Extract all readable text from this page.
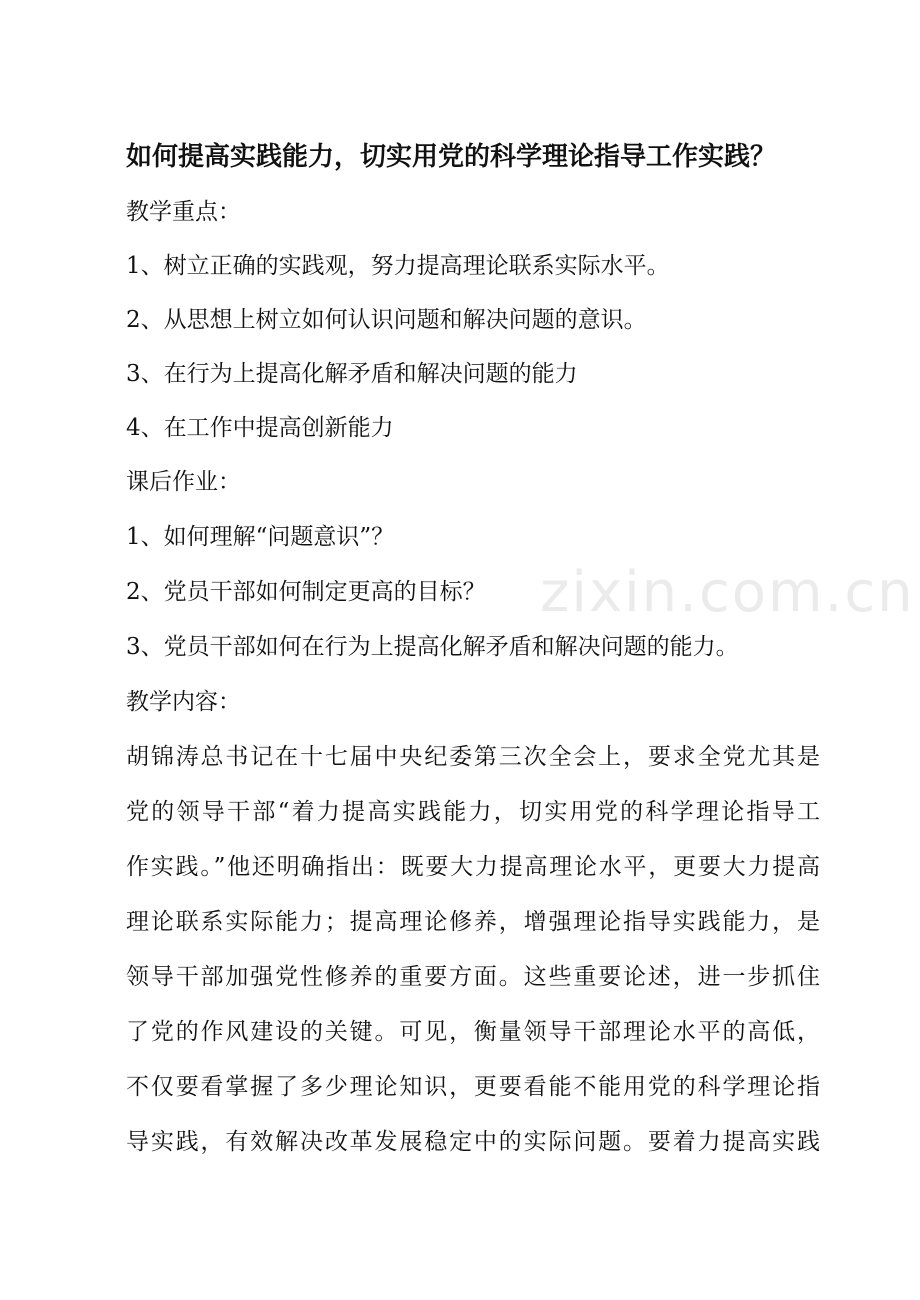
如何提高实践能力，切实用党的科学理论指导工作实践？
教学重点：
1、树立正确的实践观，努力提高理论联系实际水平。
2、从思想上树立如何认识问题和解决问题的意识。
3、在行为上提高化解矛盾和解决问题的能力
4、在工作中提高创新能力
课后作业：
1、如何理解“问题意识”？
2、党员干部如何制定更高的目标？
3、党员干部如何在行为上提高化解矛盾和解决问题的能力。
教学内容：
胡锦涛总书记在十七届中央纪委第三次全会上，要求全党尤其是
党的领导干部“着力提高实践能力，切实用党的科学理论指导工
作实践。”他还明确指出：既要大力提高理论水平，更要大力提高
理论联系实际能力；提高理论修养，增强理论指导实践能力，是
领导干部加强党性修养的重要方面。这些重要论述，进一步抓住
了党的作风建设的关键。可见，衡量领导干部理论水平的高低，
不仅要看掌握了多少理论知识，更要看能不能用党的科学理论指
导实践，有效解决改革发展稳定中的实际问题。要着力提高实践
zixin.com.cn
